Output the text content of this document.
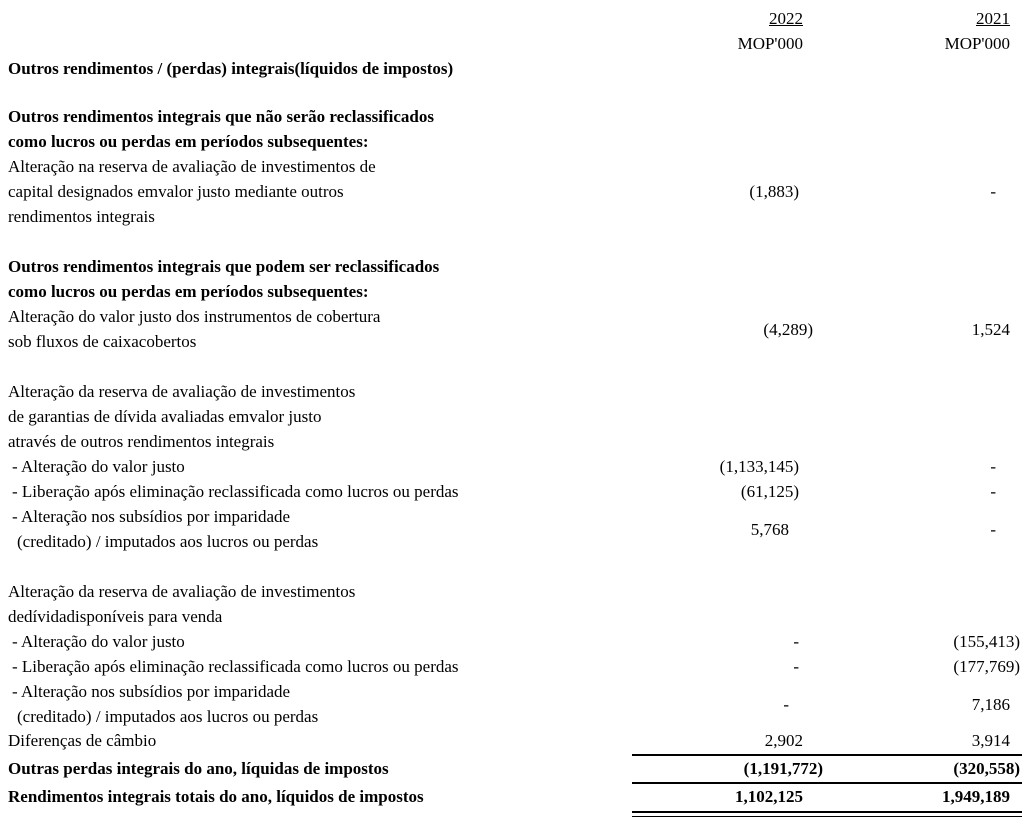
2022	2021
MOP'000	MOP'000
Outros rendimentos / (perdas) integrais(líquidos de impostos)
Outros rendimentos integrais que não serão reclassificados
como lucros ou perdas em períodos subsequentes:
Alteração na reserva de avaliação de investimentos de
capital designados emvalor justo mediante outros	(1,883)	-
rendimentos integrais
Outros rendimentos integrais que podem ser reclassificados
como lucros ou perdas em períodos subsequentes:
Alteração do valor justo dos instrumentos de cobertura
sob fluxos de caixacobertos
(4,289)	1,524
Alteração da reserva de avaliação de investimentos
de garantias de dívida avaliadas emvalor justo
através de outros rendimentos integrais
- Alteração do valor justo	(1,133,145)	-
- Liberação após eliminação reclassificada como lucros ou perdas	(61,125)	-
- Alteração nos subsídios por imparidade
(creditado) / imputados aos lucros ou perdas
5,768	-
Alteração da reserva de avaliação de investimentos
dedívidadisponíveis para venda
- Alteração do valor justo	-	(155,413)
- Liberação após eliminação reclassificada como lucros ou perdas	-	(177,769)
- Alteração nos subsídios por imparidade
(creditado) / imputados aos lucros ou perdas
-	7,186
Diferenças de câmbio	2,902	3,914
Outras perdas integrais do ano, líquidas de impostos	(1,191,772)	(320,558)
Rendimentos integrais totais do ano, líquidos de impostos	1,102,125	1,949,189
